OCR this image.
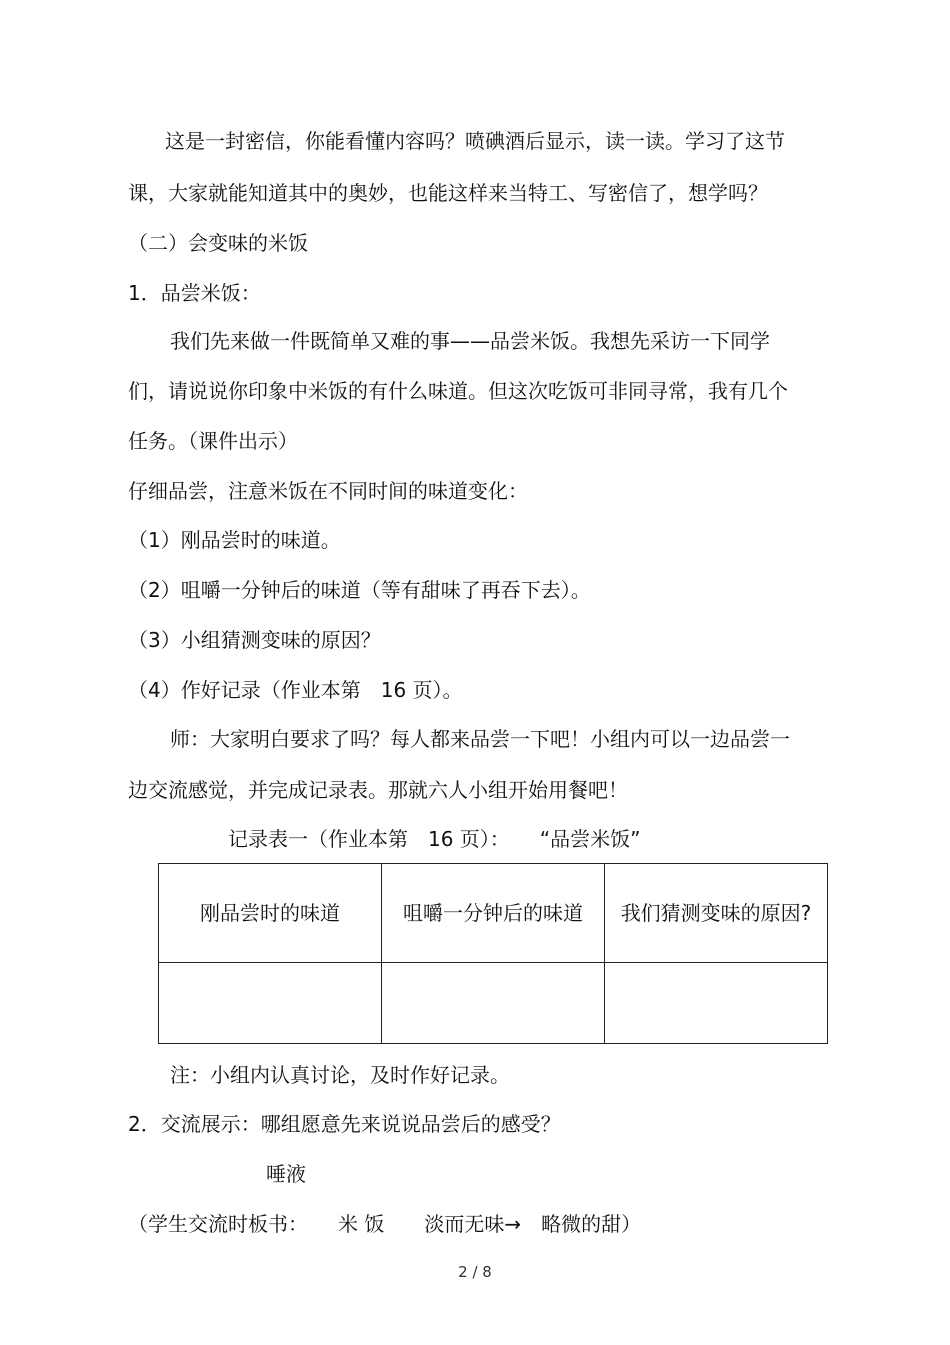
这是一封密信，你能看懂内容吗？喷碘酒后显示，读一读。学习了这节
课，大家就能知道其中的奥妙，也能这样来当特工、写密信了，想学吗？
（二）会变味的米饭
1．品尝米饭：
我们先来做一件既简单又难的事——品尝米饭。我想先采访一下同学
们，请说说你印象中米饭的有什么味道。但这次吃饭可非同寻常，我有几个
任务。（课件出示）
仔细品尝，注意米饭在不同时间的味道变化：
（1）刚品尝时的味道。
（2）咀嚼一分钟后的味道（等有甜味了再吞下去）。
（3）小组猜测变味的原因？
（4）作好记录（作业本第　16 页）。
师：大家明白要求了吗？每人都来品尝一下吧！小组内可以一边品尝一
边交流感觉，并完成记录表。那就六人小组开始用餐吧！
记录表一（作业本第　16 页）：　　“品尝米饭”
刚品尝时的味道	咀嚼一分钟后的味道	我们猜测变味的原因?

注：小组内认真讨论，及时作好记录。
2．交流展示：哪组愿意先来说说品尝后的感受？
唾液
（学生交流时板书：　　米 饭　　淡而无味→　略微的甜）
2 / 8
